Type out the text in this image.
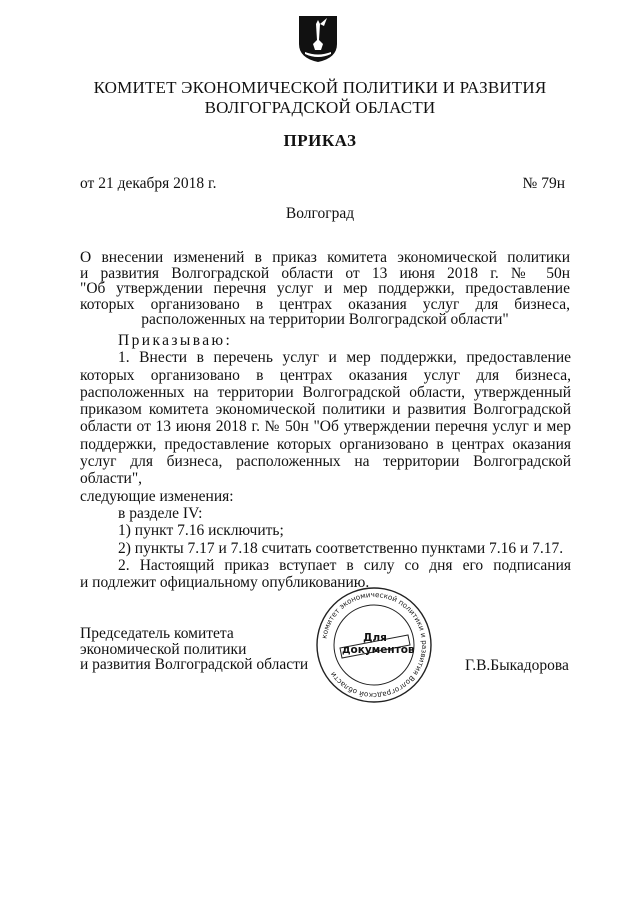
КОМИТЕТ ЭКОНОМИЧЕСКОЙ ПОЛИТИКИ И РАЗВИТИЯ
ВОЛГОГРАДСКОЙ ОБЛАСТИ
ПРИКАЗ
от 21 декабря 2018 г.	№ 79н
Волгоград
О внесении изменений в приказ комитета экономической политики
и развития Волгоградской области от 13 июня 2018 г. № 50н
"Об утверждении перечня услуг и мер поддержки, предоставление
которых организовано в центрах оказания услуг для бизнеса,
расположенных на территории Волгоградской области"

Приказываю:

1. Внести в перечень услуг и мер поддержки, предоставление

которых организовано в центрах оказания услуг для бизнеса,

расположенных на территории Волгоградской области, утвержденный

приказом комитета экономической политики и развития Волгоградской

области от 13 июня 2018 г. № 50н "Об утверждении перечня услуг и мер

поддержки, предоставление которых организовано в центрах оказания

услуг для бизнеса, расположенных на территории Волгоградской области",

следующие изменения:

в разделе IV:

1) пункт 7.16 исключить;

2) пункты 7.17 и 7.18 считать соответственно пунктами 7.16 и 7.17.

2. Настоящий приказ вступает в силу со дня его подписания

и подлежит официальному опубликованию.

Председатель комитета
экономической политики
и развития Волгоградской области
комитет экономической политики и развития Волгоградской области
Для
документов
Г.В.Быкадорова
